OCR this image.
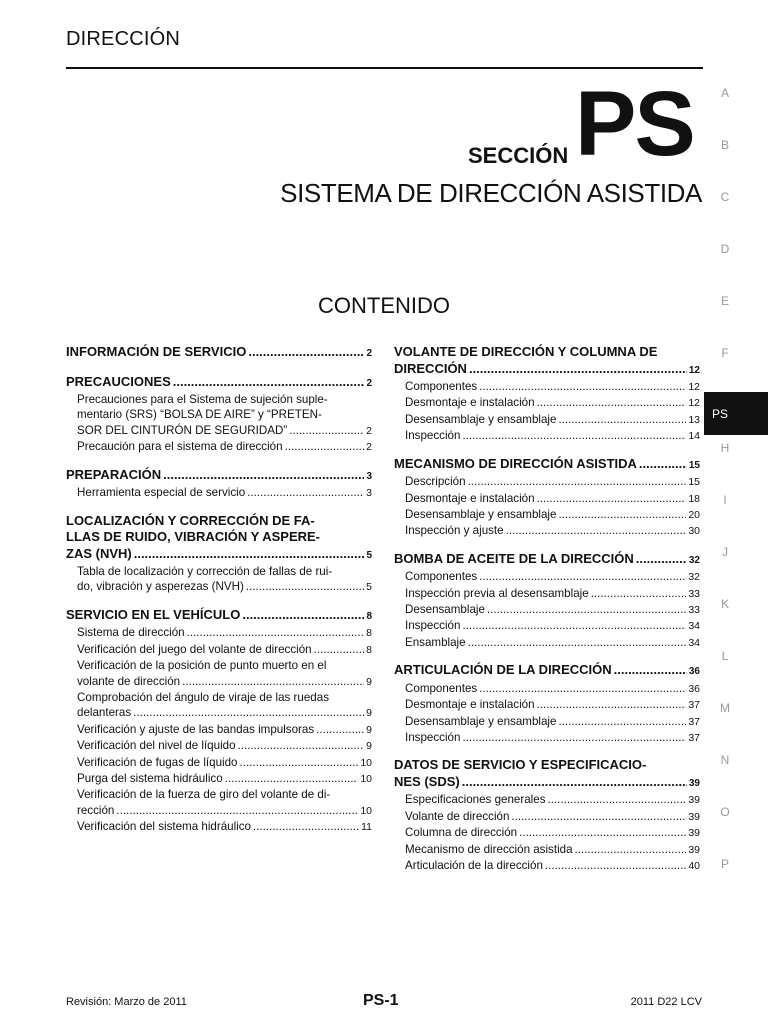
DIRECCIÓN
SECCIÓN PS
SISTEMA DE DIRECCIÓN ASISTIDA
CONTENIDO
INFORMACIÓN DE SERVICIO .....	2
PRECAUCIONES .....	2
Precauciones para el Sistema de sujeción suple-
mentario (SRS) “BOLSA DE AIRE” y “PRETEN-
SOR DEL CINTURÓN DE SEGURIDAD” .....	2
Precaución para el sistema de dirección .....	2
PREPARACIÓN .....	3
Herramienta especial de servicio .....	3
LOCALIZACIÓN Y CORRECCIÓN DE FA-
LLAS DE RUIDO, VIBRACIÓN Y ASPERE-
ZAS (NVH) .....	5
Tabla de localización y corrección de fallas de rui-
do, vibración y asperezas (NVH) .....	5
SERVICIO EN EL VEHÍCULO .....	8
Sistema de dirección .....	8
Verificación del juego del volante de dirección .....	8
Verificación de la posición de punto muerto en el
volante de dirección .....	9
Comprobación del ángulo de viraje de las ruedas
delanteras .....	9
Verificación y ajuste de las bandas impulsoras .....	9
Verificación del nivel de líquido .....	9
Verificación de fugas de líquido .....	10
Purga del sistema hidráulico .....	10
Verificación de la fuerza de giro del volante de di-
rección .....	10
Verificación del sistema hidráulico .....	11
VOLANTE DE DIRECCIÓN Y COLUMNA DE
DIRECCIÓN .....	12
Componentes .....	12
Desmontaje e instalación .....	12
Desensamblaje y ensamblaje .....	13
Inspección .....	14
MECANISMO DE DIRECCIÓN ASISTIDA .....	15
Descripción .....	15
Desmontaje e instalación .....	18
Desensamblaje y ensamblaje .....	20
Inspección y ajuste .....	30
BOMBA DE ACEITE DE LA DIRECCIÓN .....	32
Componentes .....	32
Inspección previa al desensamblaje .....	33
Desensamblaje .....	33
Inspección .....	34
Ensamblaje .....	34
ARTICULACIÓN DE LA DIRECCIÓN .....	36
Componentes .....	36
Desmontaje e instalación .....	37
Desensamblaje y ensamblaje .....	37
Inspección .....	37
DATOS DE SERVICIO Y ESPECIFICACIO-
NES (SDS) .....	39
Especificaciones generales .....	39
Volante de dirección .....	39
Columna de dirección .....	39
Mecanismo de dirección asistida .....	39
Articulación de la dirección .....	40
A
B
C
D
E
F
PS
H
I
J
K
L
M
N
O
P
Revisión: Marzo de 2011	PS-1	2011 D22 LCV
